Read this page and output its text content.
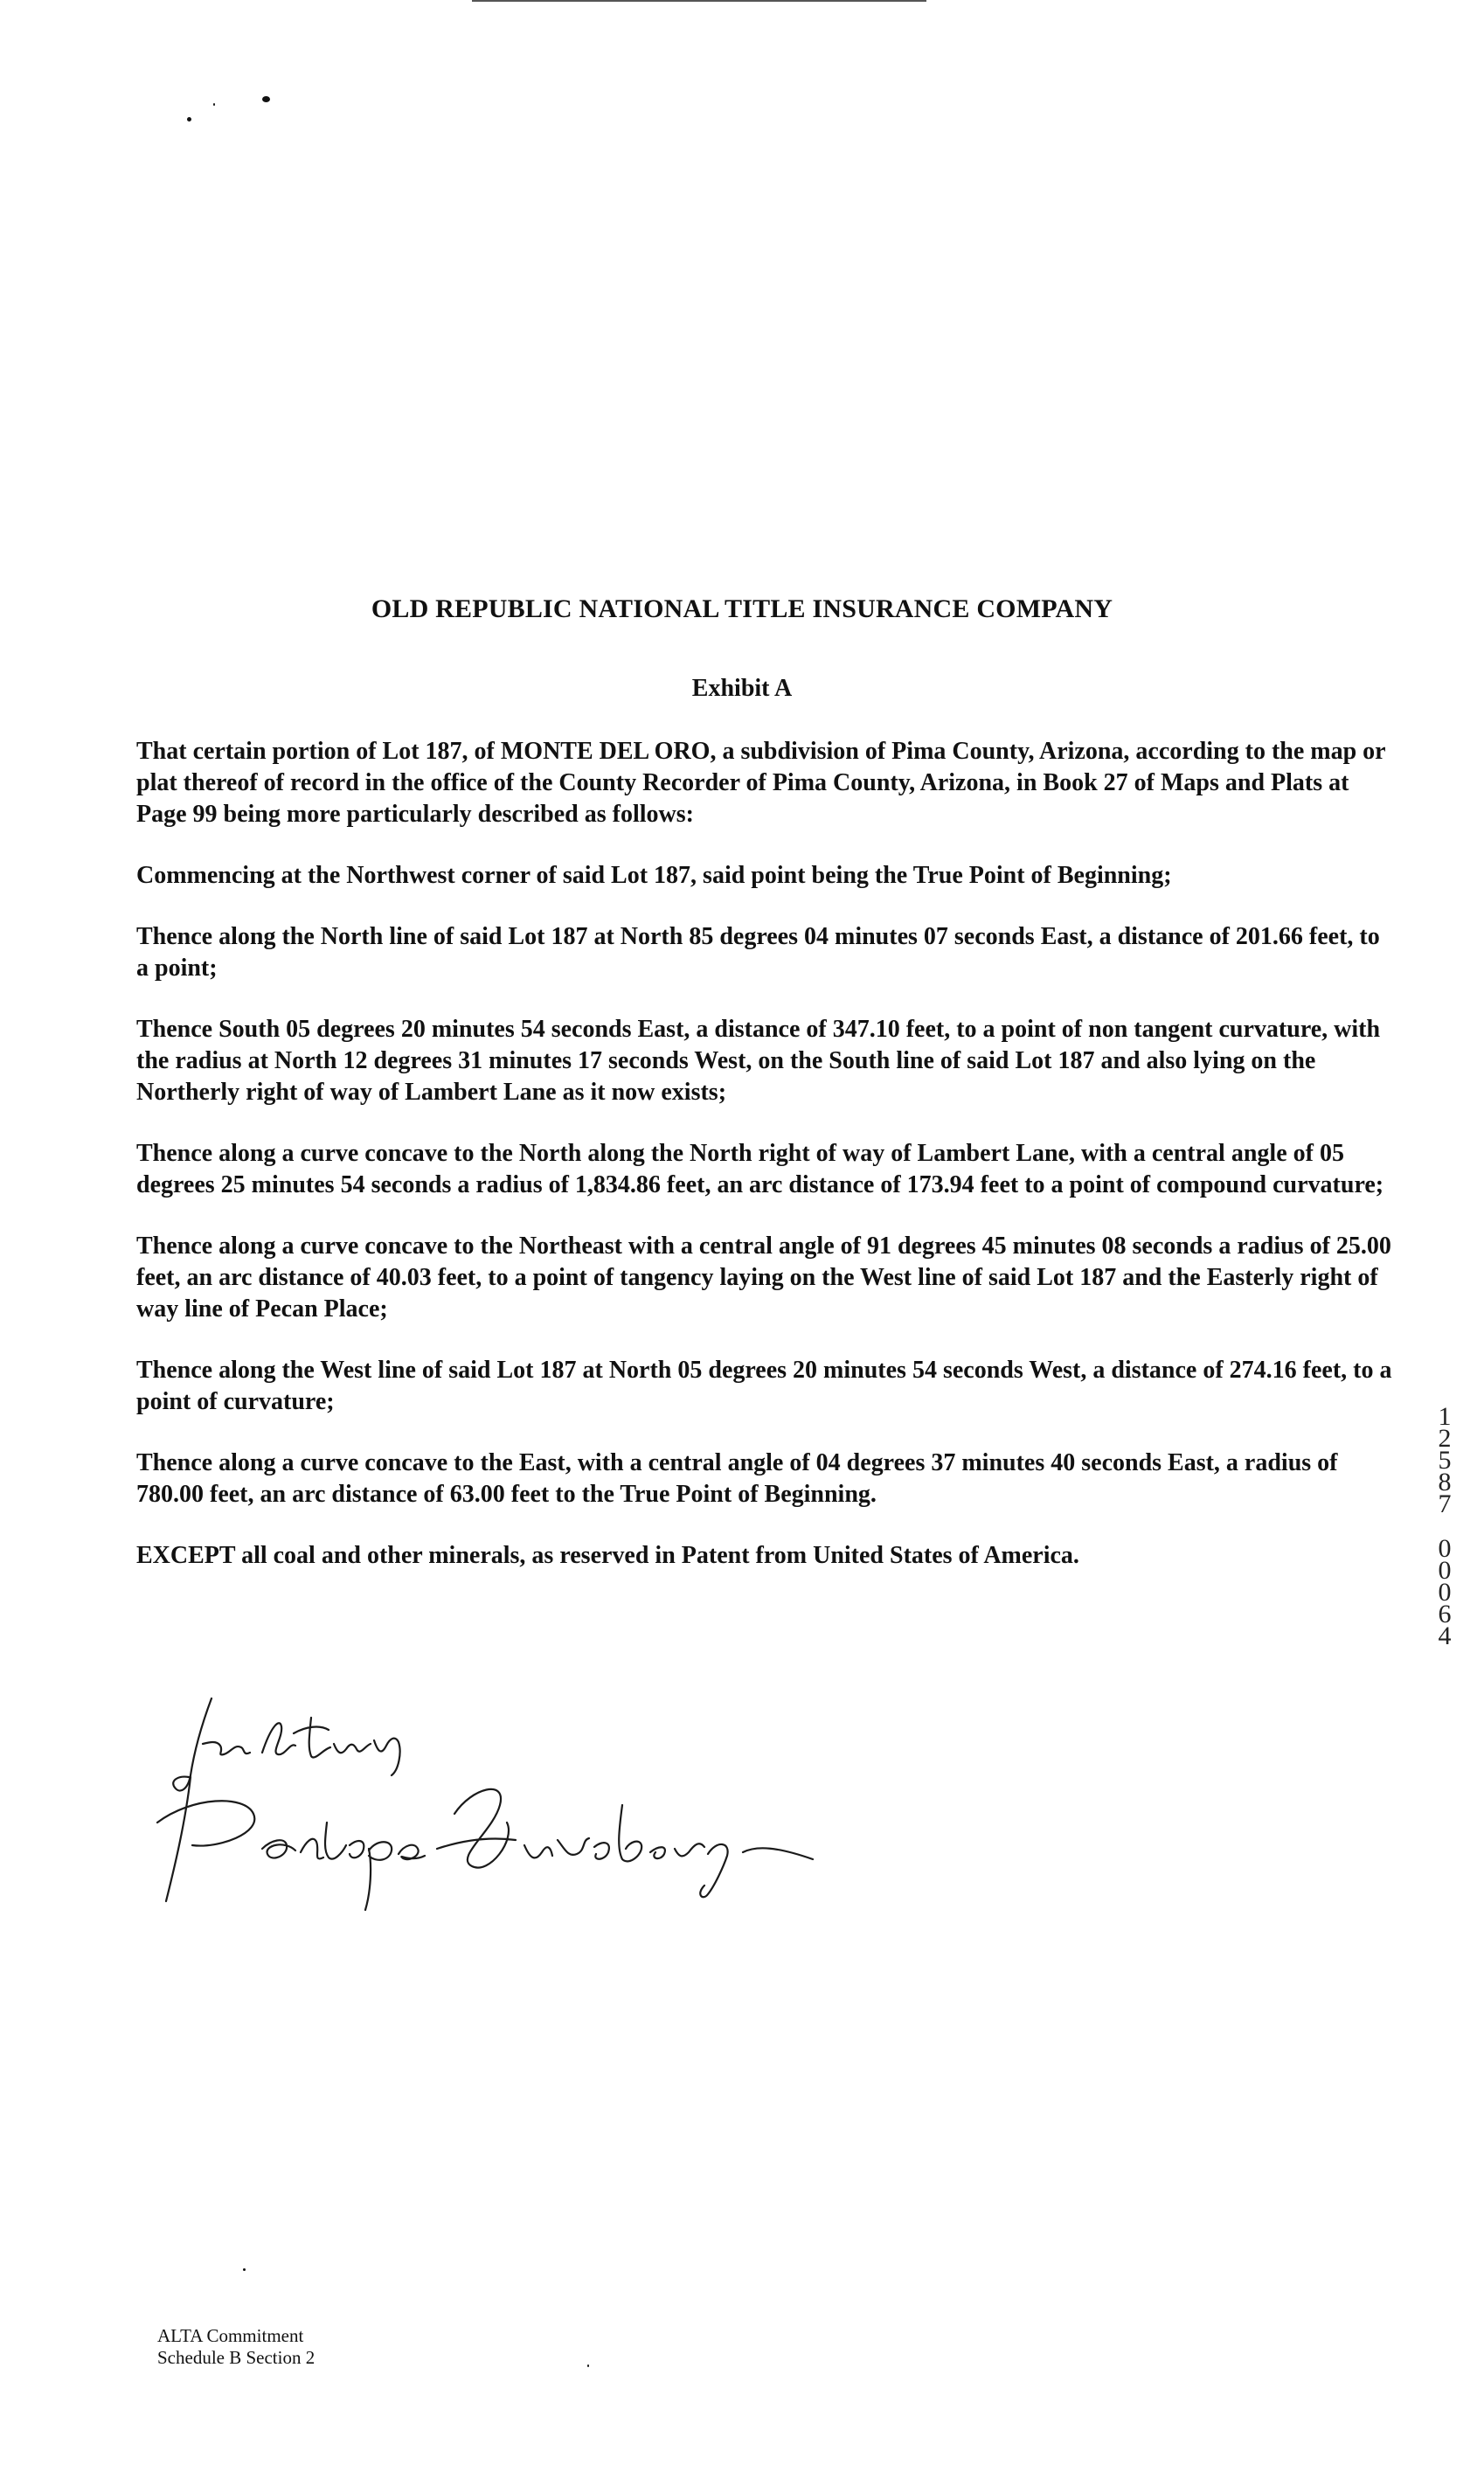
OLD REPUBLIC NATIONAL TITLE INSURANCE COMPANY
Exhibit A

That certain portion of Lot 187, of MONTE DEL ORO, a subdivision of Pima County, Arizona, according to the map or plat thereof of record in the office of the County Recorder of Pima County, Arizona, in Book 27 of Maps and Plats at Page 99 being more particularly described as follows:

Commencing at the Northwest corner of said Lot 187, said point being the True Point of Beginning;

Thence along the North line of said Lot 187 at North 85 degrees 04 minutes 07 seconds East, a distance of 201.66 feet, to a point;

Thence South 05 degrees 20 minutes 54 seconds East, a distance of 347.10 feet, to a point of non tangent curvature, with the radius at North 12 degrees 31 minutes 17 seconds West, on the South line of said Lot 187 and also lying on the Northerly right of way of Lambert Lane as it now exists;

Thence along a curve concave to the North along the North right of way of Lambert Lane, with a central angle of 05 degrees 25 minutes 54 seconds a radius of 1,834.86 feet, an arc distance of 173.94 feet to a point of compound curvature;

Thence along a curve concave to the Northeast with a central angle of 91 degrees 45 minutes 08 seconds a radius of 25.00 feet, an arc distance of 40.03 feet, to a point of tangency laying on the West line of said Lot 187 and the Easterly right of way line of Pecan Place;

Thence along the West line of said Lot 187 at North 05 degrees 20 minutes 54 seconds West, a distance of 274.16 feet, to a point of curvature;

Thence along a curve concave to the East, with a central angle of 04 degrees 37 minutes 40 seconds East, a radius of 780.00 feet, an arc distance of 63.00 feet to the True Point of Beginning.

EXCEPT all coal and other minerals, as reserved in Patent from United States of America.

1
2
5
8
7
0
0
0
6
4
ALTA Commitment
Schedule B Section 2
